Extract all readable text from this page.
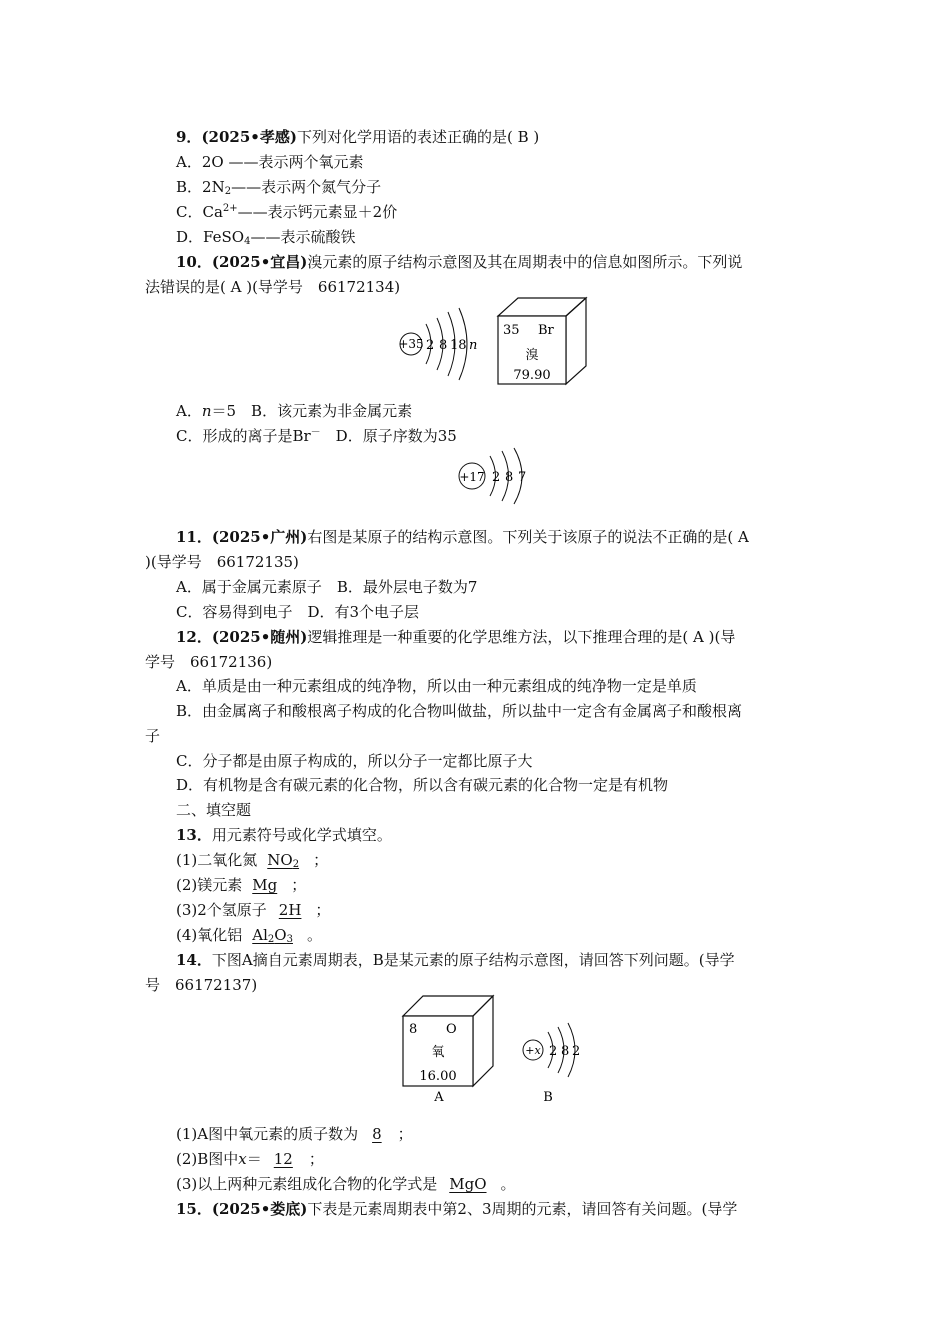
9．(2025•孝感)下列对化学用语的表述正确的是( B )
A．2O ——表示两个氧元素
B．$2N_2——$表示两个氮气分子
C．$Ca^{2+}——$表示钙元素显＋2价
D．FeSO$_4$——表示硫酸铁
10．(2025•宜昌)溴元素的原子结构示意图及其在周期表中的信息如图所示。下列说
法错误的是( A )(导学号　66172134)
+35 2 8 18 n
35 Br
溴
79.90
A．n＝5　B．该元素为非金属元素
C．形成的离子是Br－　D．原子序数为35
+17 2 8 7
11．(2025•广州)右图是某原子的结构示意图。下列关于该原子的说法不正确的是( A
)(导学号　66172135)
A．属于金属元素原子　B．最外层电子数为7
C．容易得到电子　D．有3个电子层
12．(2025•随州)逻辑推理是一种重要的化学思维方法，以下推理合理的是( A )(导
学号　66172136)
A．单质是由一种元素组成的纯净物，所以由一种元素组成的纯净物一定是单质
B．由金属离子和酸根离子构成的化合物叫做盐，所以盐中一定含有金属离子和酸根离
子
C．分子都是由原子构成的，所以分子一定都比原子大
D．有机物是含有碳元素的化合物，所以含有碳元素的化合物一定是有机物
二、填空题
13．用元素符号或化学式填空。
(1)二氧化氮 $NO_2$ ；
(2)镁元素 Mg ；
(3)2个氢原子 2H ；
(4)氧化铝 $Al_2O_3$ 。
14．下图A摘自元素周期表，B是某元素的原子结构示意图，请回答下列问题。(导学
号　66172137)
8 O
氧
16.00
A
+x 2 8 2
B
(1)A图中氧元素的质子数为 8 ；
(2)B图中x＝ 12 ；
(3)以上两种元素组成化合物的化学式是 MgO 。
15．(2025•娄底)下表是元素周期表中第2、3周期的元素，请回答有关问题。(导学
